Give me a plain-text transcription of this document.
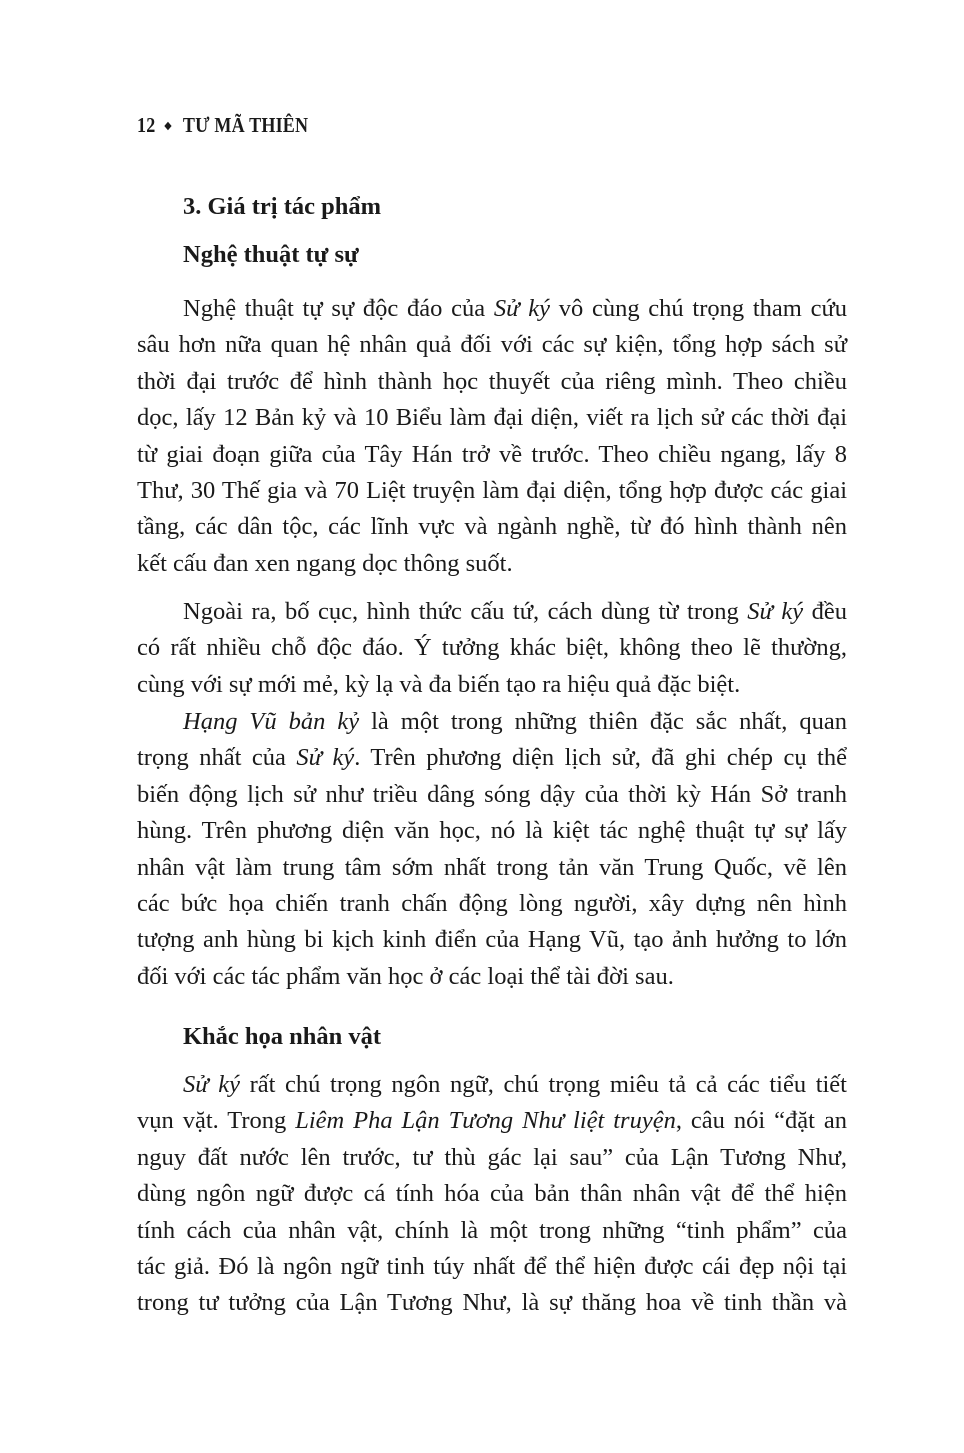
12 TƯ MÃ THIÊN
3. Giá trị tác phẩm
Nghệ thuật tự sự
Nghệ thuật tự sự độc đáo của Sử ký vô cùng chú trọng tham cứu
sâu hơn nữa quan hệ nhân quả đối với các sự kiện, tổng hợp sách sử
thời đại trước để hình thành học thuyết của riêng mình. Theo chiều
dọc, lấy 12 Bản kỷ và 10 Biểu làm đại diện, viết ra lịch sử các thời đại
từ giai đoạn giữa của Tây Hán trở về trước. Theo chiều ngang, lấy 8
Thư, 30 Thế gia và 70 Liệt truyện làm đại diện, tổng hợp được các giai
tầng, các dân tộc, các lĩnh vực và ngành nghề, từ đó hình thành nên
kết cấu đan xen ngang dọc thông suốt.
Ngoài ra, bố cục, hình thức cấu tứ, cách dùng từ trong Sử ký đều
có rất nhiều chỗ độc đáo. Ý tưởng khác biệt, không theo lẽ thường,
cùng với sự mới mẻ, kỳ lạ và đa biến tạo ra hiệu quả đặc biệt.
Hạng Vũ bản kỷ là một trong những thiên đặc sắc nhất, quan
trọng nhất của Sử ký. Trên phương diện lịch sử, đã ghi chép cụ thể
biến động lịch sử như triều dâng sóng dậy của thời kỳ Hán Sở tranh
hùng. Trên phương diện văn học, nó là kiệt tác nghệ thuật tự sự lấy
nhân vật làm trung tâm sớm nhất trong tản văn Trung Quốc, vẽ lên
các bức họa chiến tranh chấn động lòng người, xây dựng nên hình
tượng anh hùng bi kịch kinh điển của Hạng Vũ, tạo ảnh hưởng to lớn
đối với các tác phẩm văn học ở các loại thể tài đời sau.
Khắc họa nhân vật
Sử ký rất chú trọng ngôn ngữ, chú trọng miêu tả cả các tiểu tiết
vụn vặt. Trong Liêm Pha Lận Tương Như liệt truyện, câu nói “đặt an
nguy đất nước lên trước, tư thù gác lại sau” của Lận Tương Như,
dùng ngôn ngữ được cá tính hóa của bản thân nhân vật để thể hiện
tính cách của nhân vật, chính là một trong những “tinh phẩm” của
tác giả. Đó là ngôn ngữ tinh túy nhất để thể hiện được cái đẹp nội tại
trong tư tưởng của Lận Tương Như, là sự thăng hoa về tinh thần và
